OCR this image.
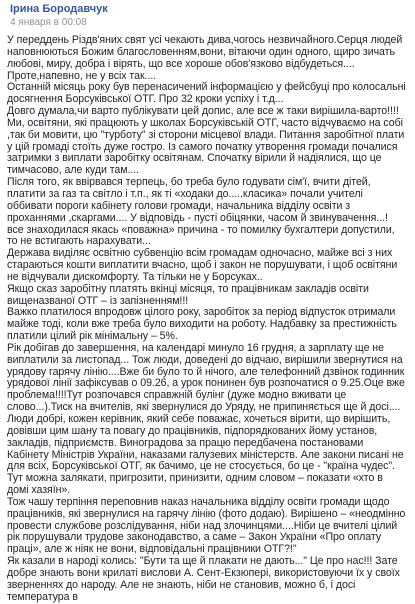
Ірина Бородавчук
4 января в 00:08

У переддень Різдв'яних свят усі чекають дива,чогось незвичайного.Серця людей наповнюються Божим благословенням,вони, вітаючи один одного, щиро зичать любові, миру, добра і вірять, що все хороше обов'язково відбудеться....

Проте,напевно, не у всіх так....

Останній місяць року був перенасичений інформацією у фейсбуці про колосальні досягнення Борсуківської ОТГ. Про 32 кроки успіху і т.д...

Довго думала,чи варто публікувати цей допис, але все ж таки вирішила-варто!!!!

Ми, освітяни, які працюють у школах Борсуківській ОТГ, часто відчуваємо на собі ,так би мовити, цю "турботу" зі сторони місцевої влади. Питання заробітної плати у цій громаді стоїть дуже гостро. Із самого початку утворення громади почалися затримки з виплати заробітку освітянам. Спочатку вірили й надіялися, що це тимчасово, але куди там....

Після того, як ввірвався терпець, бо треба було годувати сім'ї, вчити дітей, платити за газ та світло і т.п., як ті «ходаки до.....класика» почали учителі оббивати пороги кабінету голови громади, начальника відділу освіти з проханнями ,скаргами.... У відповідь - пусті обіцянки, часом й звинувачення...! все знаходилася якась «поважна» причина - то помилку бухгалтери допустили, то не встигають нарахувати...

Держава виділяє освітню субвенцію всім громадам одночасно, майже всі з них стараються кошти виплатити вчасно, щоб і закон не порушувати, і щоб освітяни не відчували дискомфорту. Та тільки не у Борсуках..

Якщо сказ заробітну платять вкінці місяця, то працівникам закладів освіти вищеназваної ОТГ – із запізненням!!!

Важко платилося впродовж цілого року, заробіток за період відпусток отримали майже тоді, коли вже треба було виходити на роботу. Надбавку за престижність платили цілий рік мінімальну – 5%.

Рік добігав до завершення, на календарі минуло 16 грудня, а зарплату ще не виплатили за листопад... Тож люди, доведені до відчаю, вирішили звернутися на урядову гарячу лінію....Вже би було то й нічого, але телефонний дзвінок годинник урядової лінії зафіксував о 09.26, а урок понинен був розпочатися о 9.25.Оце вже проблема!!!!Тут розпочався справжній булінг (дуже модно вживати це слово...).Тиск на вчителів, які звернулися до Уряду, не припиняється ще й досі....

Люди добрі, кожен керівник, який себе поважає, хочеться вірити, що вирішить, довівши цим шану та повагу до працівників, підпорядкованих йому установ, закладів, підприємств. Виноградова за працю передбачена постановами Кабінету Міністрів України, наказами галузевих міністерств. Але закони писані не для всіх, Борсуківської ОТГ, як бачимо, це не стосується, бо це - "країна чудес". Тут можна залякати, пригрозити, принизити, одним словом – показати «хто в домі хазяїн».

Тож чашу терпіння переповнив наказ начальника відділу освіти громади щодо працівників, які звернулися на гарячу лінію (фото додаю). Вирішено – «неодмінно провести службове розслідування, ніби над злочинцями....Ніби це вчителі цілий рік порушували трудове законодавство, а саме – Закон України «Про оплату праці», але ж ніяк не вони, відповідальні працівники ОТГ?!"

Як казали в народі колись: "Бути та ще й плакати не дають..." Це про нас!!! Зате добре знають вони крилаті вислови А. Сент-Екзюпері, використовуючи їх у своїх зверненнях до народу. Але не знають, ніби не становив, можно б, і досі температура в
